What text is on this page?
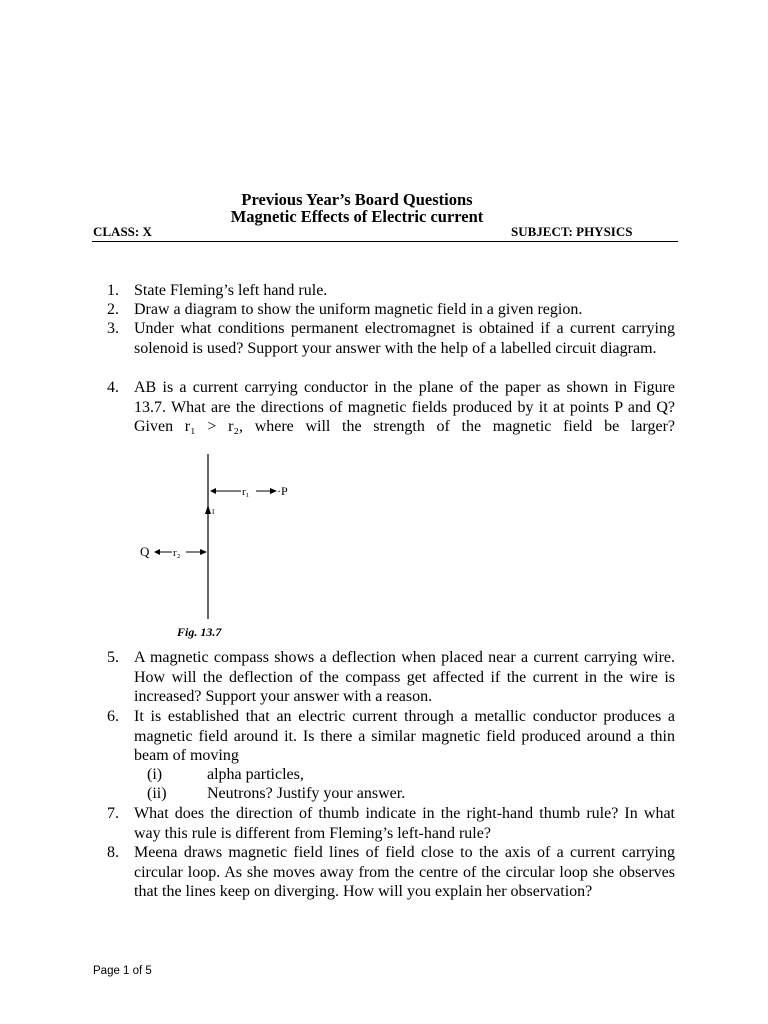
Previous Year’s Board Questions
Magnetic Effects of Electric current
CLASS: X	SUBJECT: PHYSICS
1. State Fleming’s left hand rule.
2. Draw a diagram to show the uniform magnetic field in a given region.
3. Under what conditions permanent electromagnet is obtained if a current carrying solenoid is used? Support your answer with the help of a labelled circuit diagram.
4. AB is a current carrying conductor in the plane of the paper as shown in Figure 13.7. What are the directions of magnetic fields produced by it at points P and Q? Given r₁ > r₂, where will the strength of the magnetic field be larger?
I
r₁ ·P
Q r₂
Fig. 13.7
5. A magnetic compass shows a deflection when placed near a current carrying wire. How will the deflection of the compass get affected if the current in the wire is increased? Support your answer with a reason.
6. It is established that an electric current through a metallic conductor produces a magnetic field around it. Is there a similar magnetic field produced around a thin beam of moving
(i)	alpha particles,
(ii)	Neutrons? Justify your answer.
7. What does the direction of thumb indicate in the right-hand thumb rule? In what way this rule is different from Fleming’s left-hand rule?
8. Meena draws magnetic field lines of field close to the axis of a current carrying circular loop. As she moves away from the centre of the circular loop she observes that the lines keep on diverging. How will you explain her observation?
Page 1 of 5
